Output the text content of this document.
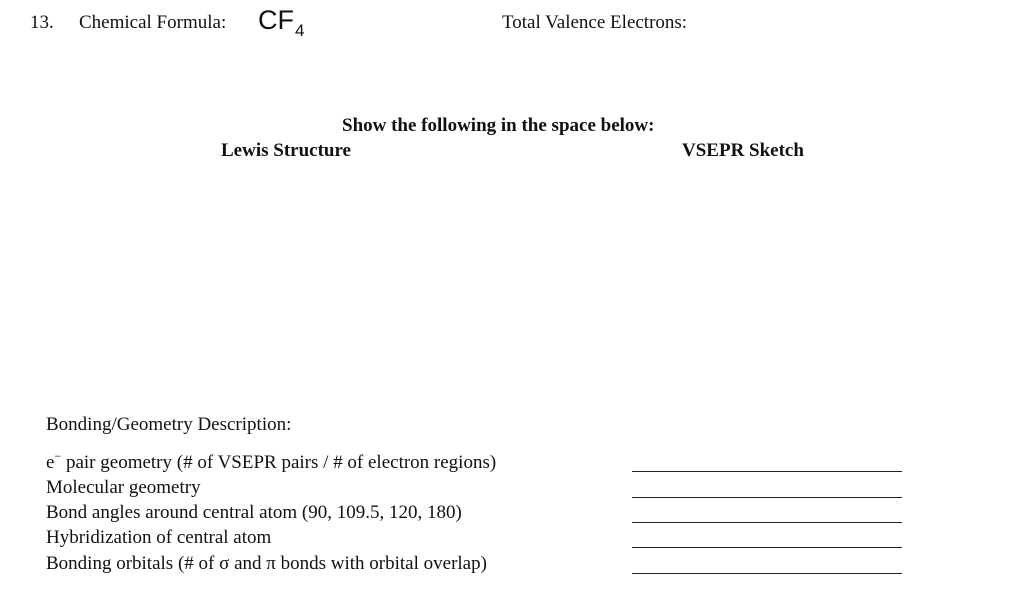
13. Chemical Formula: $CF_4$	Total Valence Electrons:
Show the following in the space below:
Lewis Structure	VSEPR Sketch
Bonding/Geometry Description:
e− pair geometry (# of VSEPR pairs / # of electron regions)
Molecular geometry
Bond angles around central atom (90, 109.5, 120, 180)
Hybridization of central atom
Bonding orbitals (# of σ and π bonds with orbital overlap)
